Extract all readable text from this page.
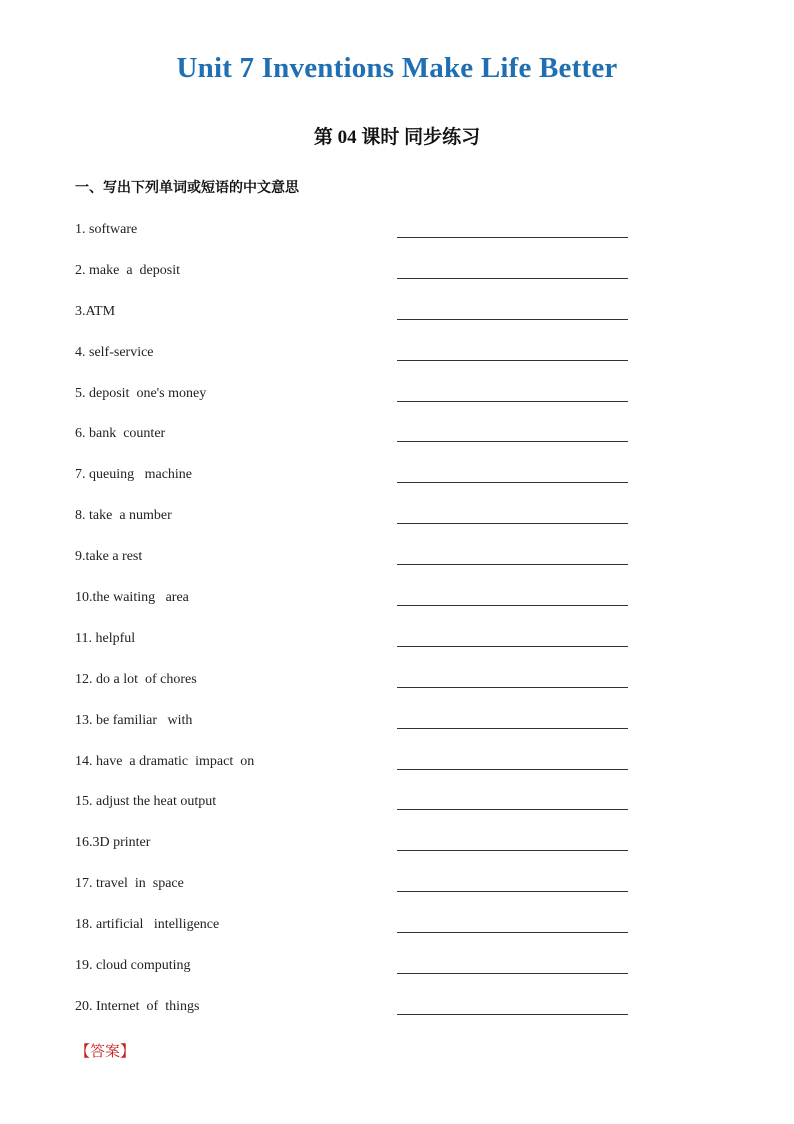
Unit 7 Inventions Make Life Better
第 04 课时 同步练习
一、写出下列单词或短语的中文意思
1. software
2. make  a  deposit
3.ATM
4. self-service
5. deposit  one's money
6. bank  counter
7. queuing   machine
8. take  a number
9.take a rest
10.the waiting   area
11. helpful
12. do a lot  of chores
13. be familiar   with
14. have  a dramatic  impact  on
15. adjust the heat output
16.3D printer
17. travel  in  space
18. artificial   intelligence
19. cloud computing
20. Internet  of  things
【答案】
